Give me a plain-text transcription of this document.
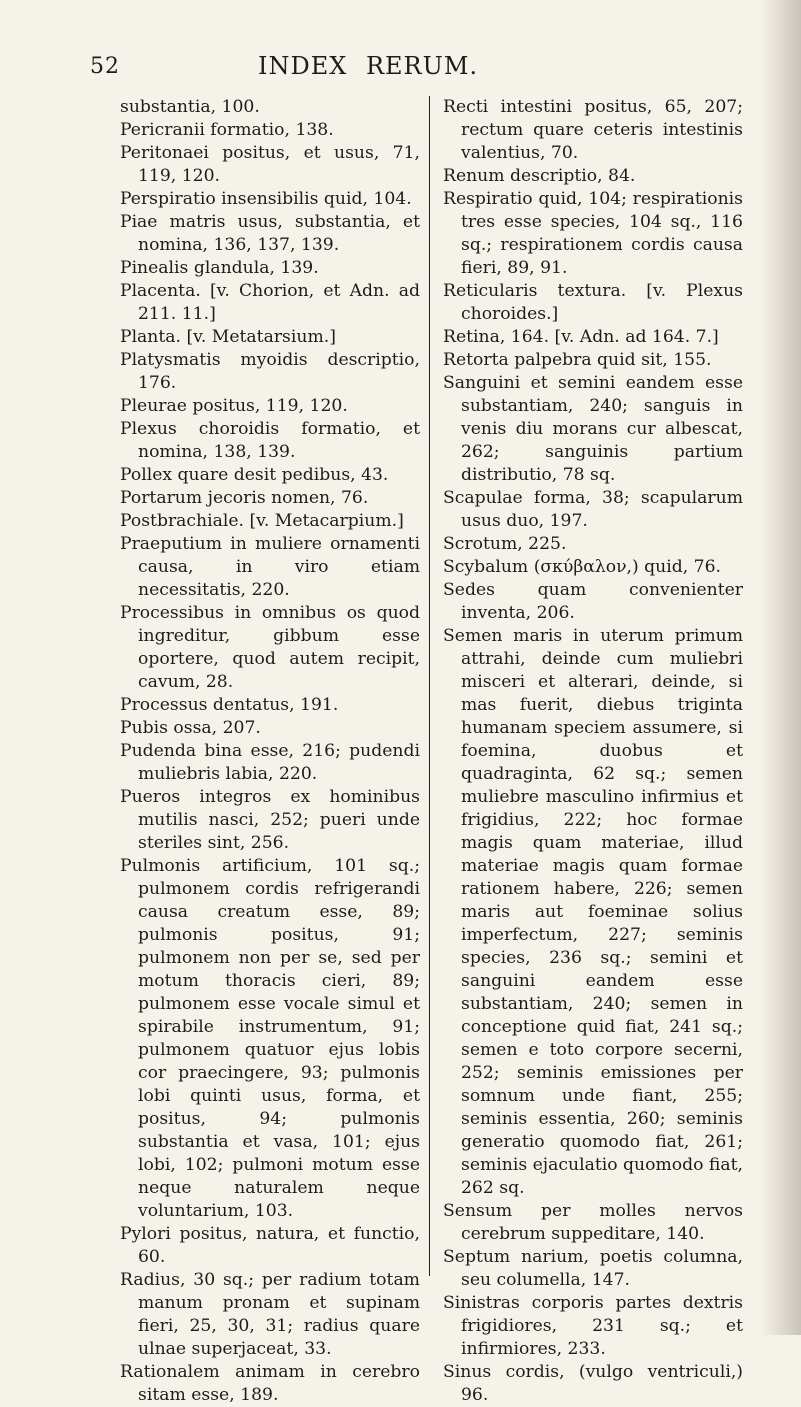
52	INDEX RERUM.

substantia, 100.

Pericranii formatio, 138.

Peritonaei positus, et usus, 71, 119, 120.

Perspiratio insensibilis quid, 104.

Piae matris usus, substantia, et nomina, 136, 137, 139.

Pinealis glandula, 139.

Placenta. [v. Chorion, et Adn. ad 211. 11.]

Planta. [v. Metatarsium.]

Platysmatis myoidis descriptio, 176.

Pleurae positus, 119, 120.

Plexus choroidis formatio, et nomina, 138, 139.

Pollex quare desit pedibus, 43.

Portarum jecoris nomen, 76.

Postbrachiale. [v. Metacarpium.]

Praeputium in muliere ornamenti causa, in viro etiam necessitatis, 220.

Processibus in omnibus os quod ingreditur, gibbum esse oportere, quod autem recipit, cavum, 28.

Processus dentatus, 191.

Pubis ossa, 207.

Pudenda bina esse, 216; pudendi muliebris labia, 220.

Pueros integros ex hominibus mutilis nasci, 252; pueri unde steriles sint, 256.

Pulmonis artificium, 101 sq.; pulmonem cordis refrigerandi causa creatum esse, 89; pulmonis positus, 91; pulmonem non per se, sed per motum thoracis cieri, 89; pulmonem esse vocale simul et spirabile instrumentum, 91; pulmonem quatuor ejus lobis cor praecingere, 93; pulmonis lobi quinti usus, forma, et positus, 94; pulmonis substantia et vasa, 101; ejus lobi, 102; pulmoni motum esse neque naturalem neque voluntarium, 103.

Pylori positus, natura, et functio, 60.

Radius, 30 sq.; per radium totam manum pronam et supinam fieri, 25, 30, 31; radius quare ulnae superjaceat, 33.

Rationalem animam in cerebro sitam esse, 189.

Recti intestini positus, 65, 207; rectum quare ceteris intestinis valentius, 70.

Renum descriptio, 84.

Respiratio quid, 104; respirationis tres esse species, 104 sq., 116 sq.; respirationem cordis causa fieri, 89, 91.

Reticularis textura. [v. Plexus choroides.]

Retina, 164. [v. Adn. ad 164. 7.]

Retorta palpebra quid sit, 155.

Sanguini et semini eandem esse substantiam, 240; sanguis in venis diu morans cur albescat, 262; sanguinis partium distributio, 78 sq.

Scapulae forma, 38; scapularum usus duo, 197.

Scrotum, 225.

Scybalum (σκύβαλον,) quid, 76.

Sedes quam convenienter inventa, 206.

Semen maris in uterum primum attrahi, deinde cum muliebri misceri et alterari, deinde, si mas fuerit, diebus triginta humanam speciem assumere, si foemina, duobus et quadraginta, 62 sq.; semen muliebre masculino infirmius et frigidius, 222; hoc formae magis quam materiae, illud materiae magis quam formae rationem habere, 226; semen maris aut foeminae solius imperfectum, 227; seminis species, 236 sq.; semini et sanguini eandem esse substantiam, 240; semen in conceptione quid fiat, 241 sq.; semen e toto corpore secerni, 252; seminis emissiones per somnum unde fiant, 255; seminis essentia, 260; seminis generatio quomodo fiat, 261; seminis ejaculatio quomodo fiat, 262 sq.

Sensum per molles nervos cerebrum suppeditare, 140.

Septum narium, poetis columna, seu columella, 147.

Sinistras corporis partes dextris frigidiores, 231 sq.; et infirmiores, 233.

Sinus cordis, (vulgo ventriculi,) 96.
